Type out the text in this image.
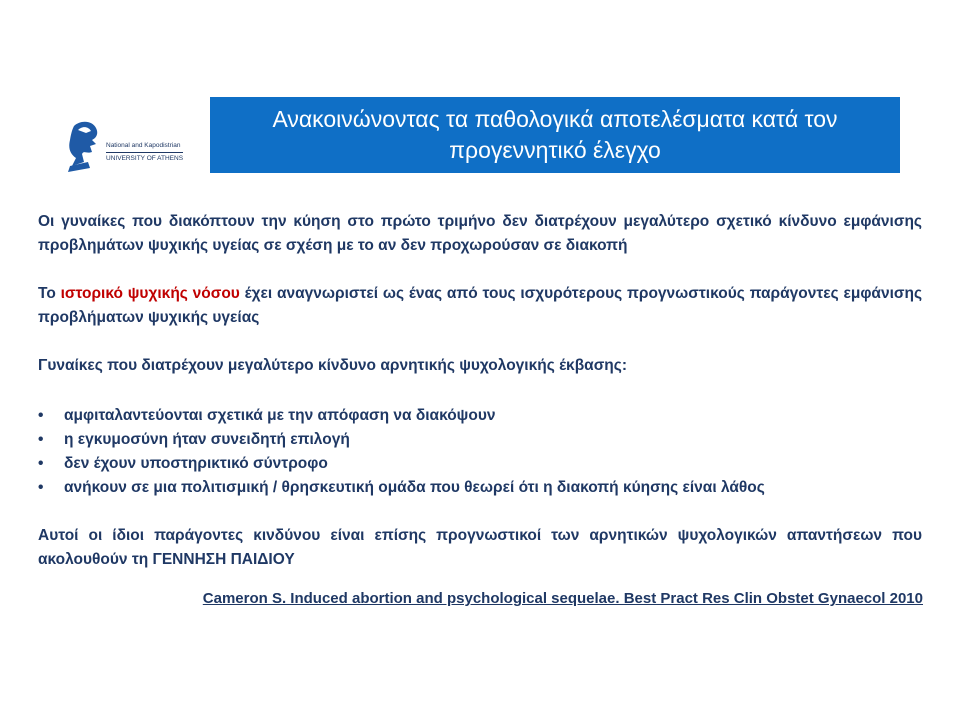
National and Kapodistrian
UNIVERSITY OF ATHENS
Ανακοινώνοντας τα παθολογικά αποτελέσματα κατά τον προγεννητικό έλεγχο

Οι γυναίκες που διακόπτουν την κύηση στο πρώτο τριμήνο δεν διατρέχουν μεγαλύτερο σχετικό κίνδυνο εμφάνισης προβλημάτων ψυχικής υγείας σε σχέση με το αν δεν προχωρούσαν σε διακοπή

Το ιστορικό ψυχικής νόσου έχει αναγνωριστεί ως ένας από τους ισχυρότερους προγνωστικούς παράγοντες εμφάνισης προβλήματων ψυχικής υγείας

Γυναίκες που διατρέχουν μεγαλύτερο κίνδυνο αρνητικής ψυχολογικής έκβασης:

• αμφιταλαντεύονται σχετικά με την απόφαση να διακόψουν
• η εγκυμοσύνη ήταν συνειδητή επιλογή
• δεν έχουν υποστηρικτικό σύντροφο
• ανήκουν σε μια πολιτισμική / θρησκευτική ομάδα που θεωρεί ότι η διακοπή κύησης είναι λάθος

Αυτοί οι ίδιοι παράγοντες κινδύνου είναι επίσης προγνωστικοί των αρνητικών ψυχολογικών απαντήσεων που ακολουθούν τη ΓΕΝΝΗΣΗ ΠΑΙΔΙΟΥ

Cameron S. Induced abortion and psychological sequelae. Best Pract Res Clin Obstet Gynaecol 2010
